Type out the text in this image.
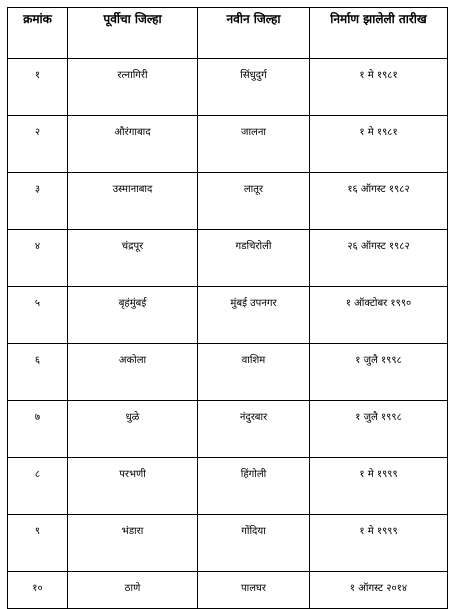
क्रमांक	पूर्वीचा जिल्हा	नवीन जिल्हा	निर्माण झालेली तारीख
१	रत्नागिरी	सिंधुदुर्ग	१ मे १९८१
२	औरंगाबाद	जालना	१ मे १९८१
३	उस्मानाबाद	लातूर	१६ ऑगस्ट १९८२
४	चंद्रपूर	गडचिरोली	२६ ऑगस्ट १९८२
५	बृहंमुंबई	मुंबई उपनगर	१ ऑक्टोबर १९९०
६	अकोला	वाशिम	१ जुलै १९९८
७	धुळे	नंदुरबार	१ जुलै १९९८
८	परभणी	हिंगोली	१ मे १९९९
९	भंडारा	गोंदिया	१ मे १९९९
१०	ठाणे	पालघर	१ ऑगस्ट २०१४
